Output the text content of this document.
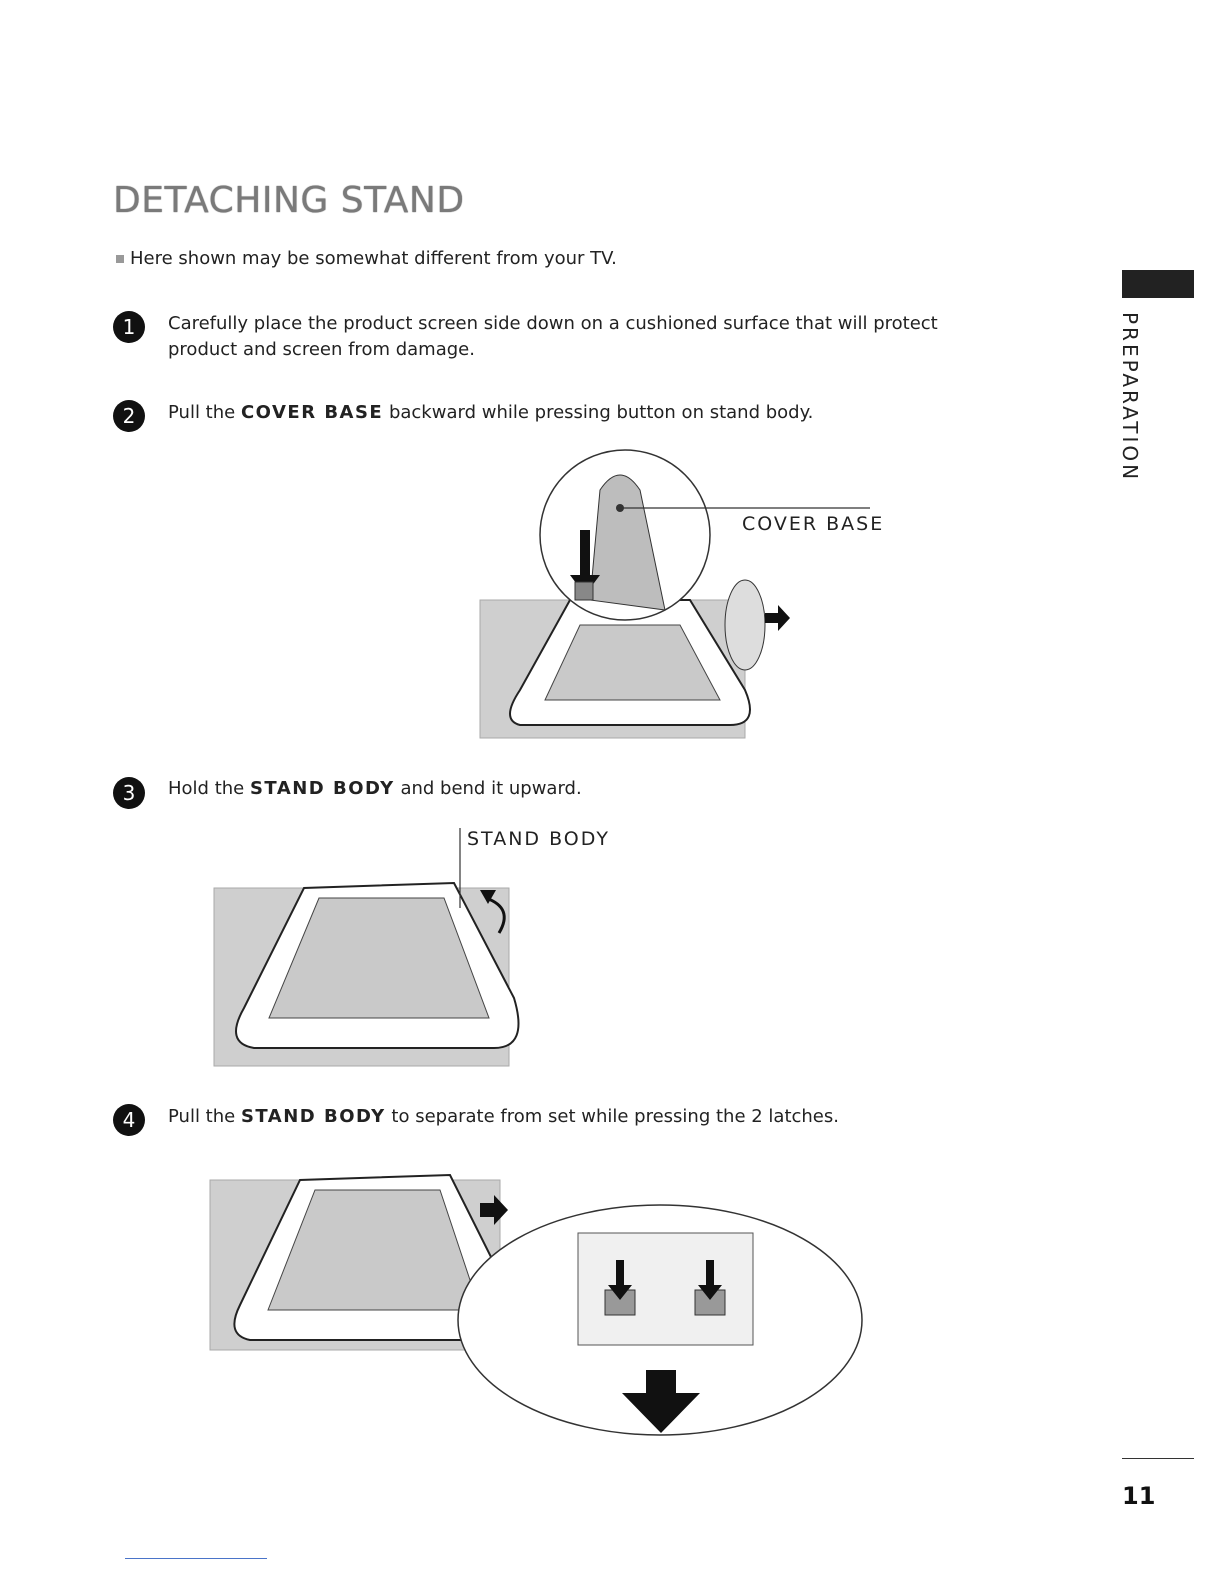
DETACHING STAND
Here shown may be somewhat different from your TV.
PREPARATION
1	Carefully place the product screen side down on a cushioned surface that will protect product and screen from damage.
2	Pull the COVER BASE backward while pressing button on stand body.
COVER BASE
3	Hold the STAND BODY and bend it upward.
STAND BODY
4	Pull the STAND BODY to separate from set while pressing the 2 latches.
11
